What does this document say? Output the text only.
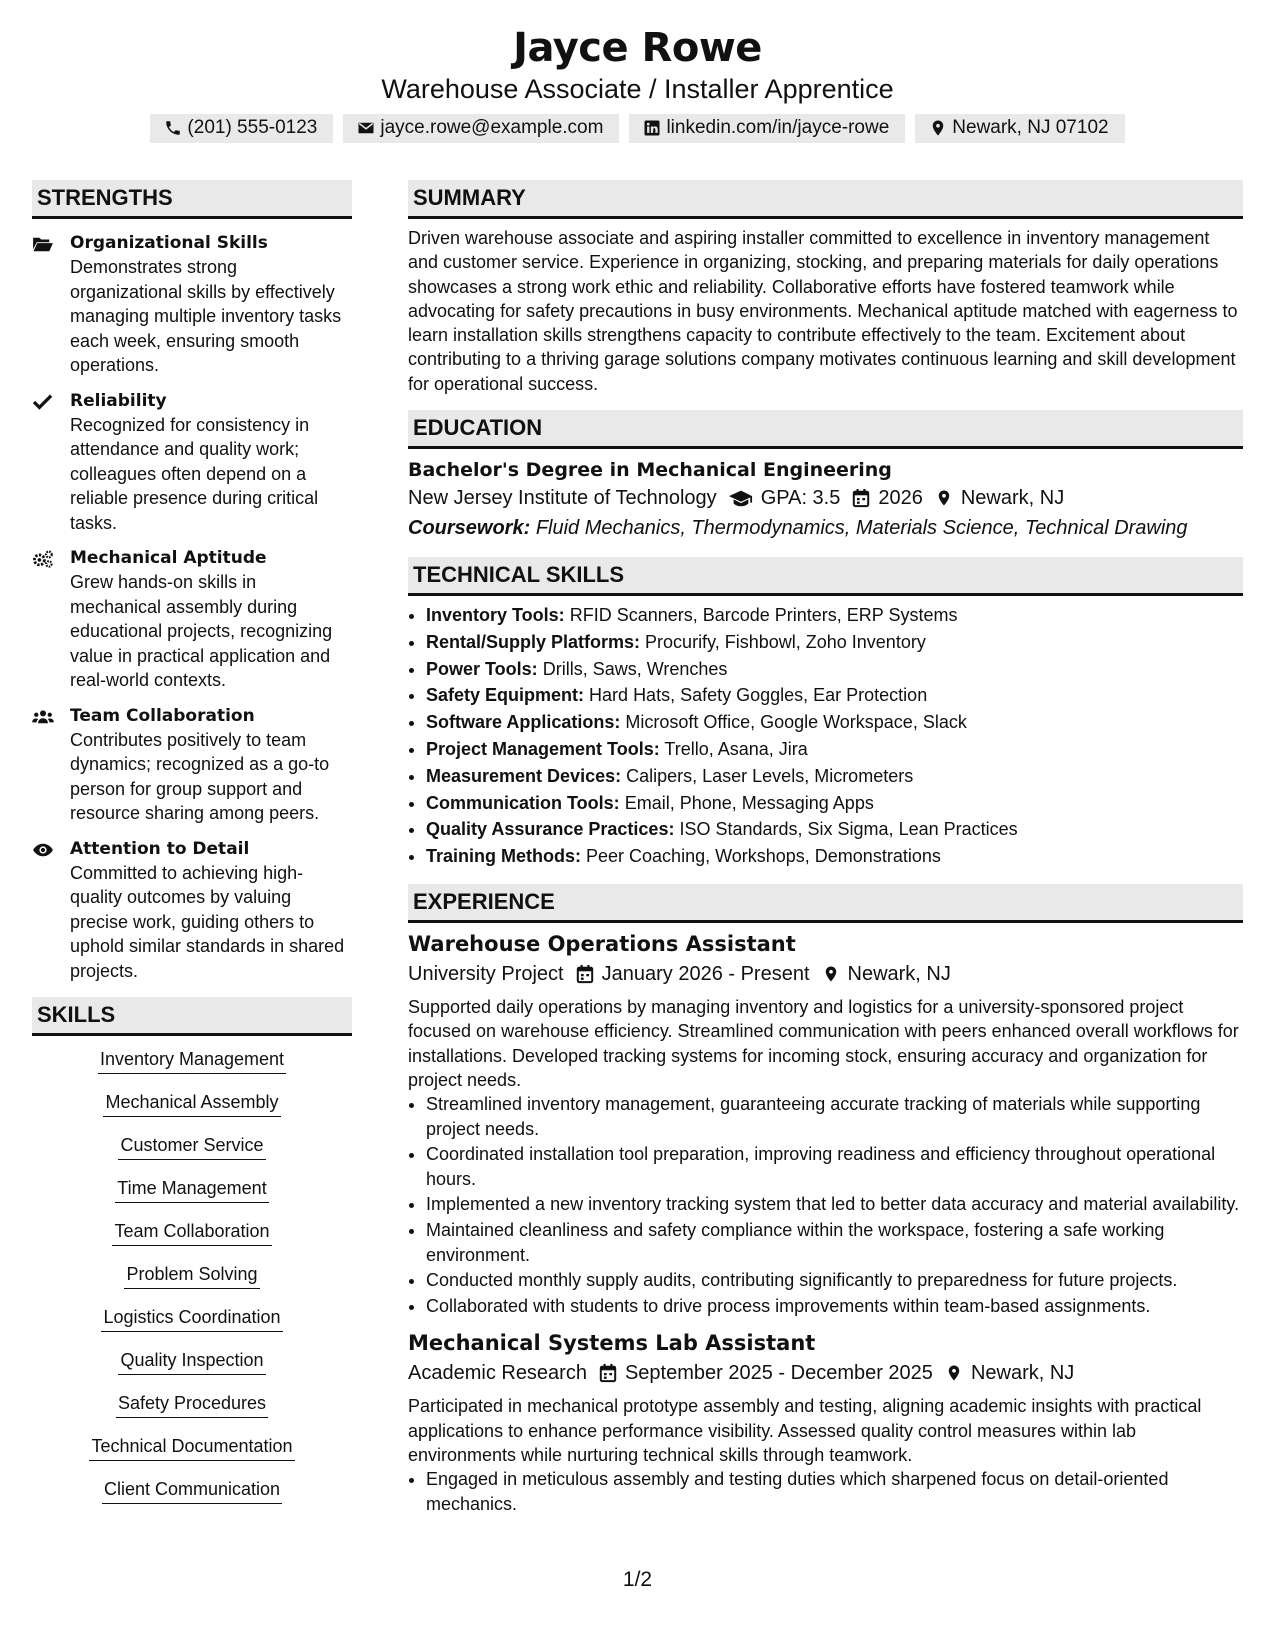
Jayce Rowe
Warehouse Associate / Installer Apprentice
(201) 555-0123	jayce.rowe@example.com	linkedin.com/in/jayce-rowe	Newark, NJ 07102
STRENGTHS
Organizational Skills
Demonstrates strong organizational skills by effectively managing multiple inventory tasks each week, ensuring smooth operations.
Reliability
Recognized for consistency in attendance and quality work; colleagues often depend on a reliable presence during critical tasks.
Mechanical Aptitude
Grew hands-on skills in mechanical assembly during educational projects, recognizing value in practical application and real-world contexts.
Team Collaboration
Contributes positively to team dynamics; recognized as a go-to person for group support and resource sharing among peers.
Attention to Detail
Committed to achieving high-quality outcomes by valuing precise work, guiding others to uphold similar standards in shared projects.
SKILLS
Inventory Management
Mechanical Assembly
Customer Service
Time Management
Team Collaboration
Problem Solving
Logistics Coordination
Quality Inspection
Safety Procedures
Technical Documentation
Client Communication
SUMMARY
Driven warehouse associate and aspiring installer committed to excellence in inventory management and customer service. Experience in organizing, stocking, and preparing materials for daily operations showcases a strong work ethic and reliability. Collaborative efforts have fostered teamwork while advocating for safety precautions in busy environments. Mechanical aptitude matched with eagerness to learn installation skills strengthens capacity to contribute effectively to the team. Excitement about contributing to a thriving garage solutions company motivates continuous learning and skill development for operational success.
EDUCATION
Bachelor's Degree in Mechanical Engineering
New Jersey Institute of Technology GPA: 3.5 2026 Newark, NJ
Coursework: Fluid Mechanics, Thermodynamics, Materials Science, Technical Drawing
TECHNICAL SKILLS
• Inventory Tools: RFID Scanners, Barcode Printers, ERP Systems
• Rental/Supply Platforms: Procurify, Fishbowl, Zoho Inventory
• Power Tools: Drills, Saws, Wrenches
• Safety Equipment: Hard Hats, Safety Goggles, Ear Protection
• Software Applications: Microsoft Office, Google Workspace, Slack
• Project Management Tools: Trello, Asana, Jira
• Measurement Devices: Calipers, Laser Levels, Micrometers
• Communication Tools: Email, Phone, Messaging Apps
• Quality Assurance Practices: ISO Standards, Six Sigma, Lean Practices
• Training Methods: Peer Coaching, Workshops, Demonstrations
EXPERIENCE
Warehouse Operations Assistant
University Project January 2026 - Present Newark, NJ
Supported daily operations by managing inventory and logistics for a university-sponsored project focused on warehouse efficiency. Streamlined communication with peers enhanced overall workflows for installations. Developed tracking systems for incoming stock, ensuring accuracy and organization for project needs.
• Streamlined inventory management, guaranteeing accurate tracking of materials while supporting project needs.
• Coordinated installation tool preparation, improving readiness and efficiency throughout operational hours.
• Implemented a new inventory tracking system that led to better data accuracy and material availability.
• Maintained cleanliness and safety compliance within the workspace, fostering a safe working environment.
• Conducted monthly supply audits, contributing significantly to preparedness for future projects.
• Collaborated with students to drive process improvements within team-based assignments.
Mechanical Systems Lab Assistant
Academic Research September 2025 - December 2025 Newark, NJ
Participated in mechanical prototype assembly and testing, aligning academic insights with practical applications to enhance performance visibility. Assessed quality control measures within lab environments while nurturing technical skills through teamwork.
• Engaged in meticulous assembly and testing duties which sharpened focus on detail-oriented mechanics.
1/2
